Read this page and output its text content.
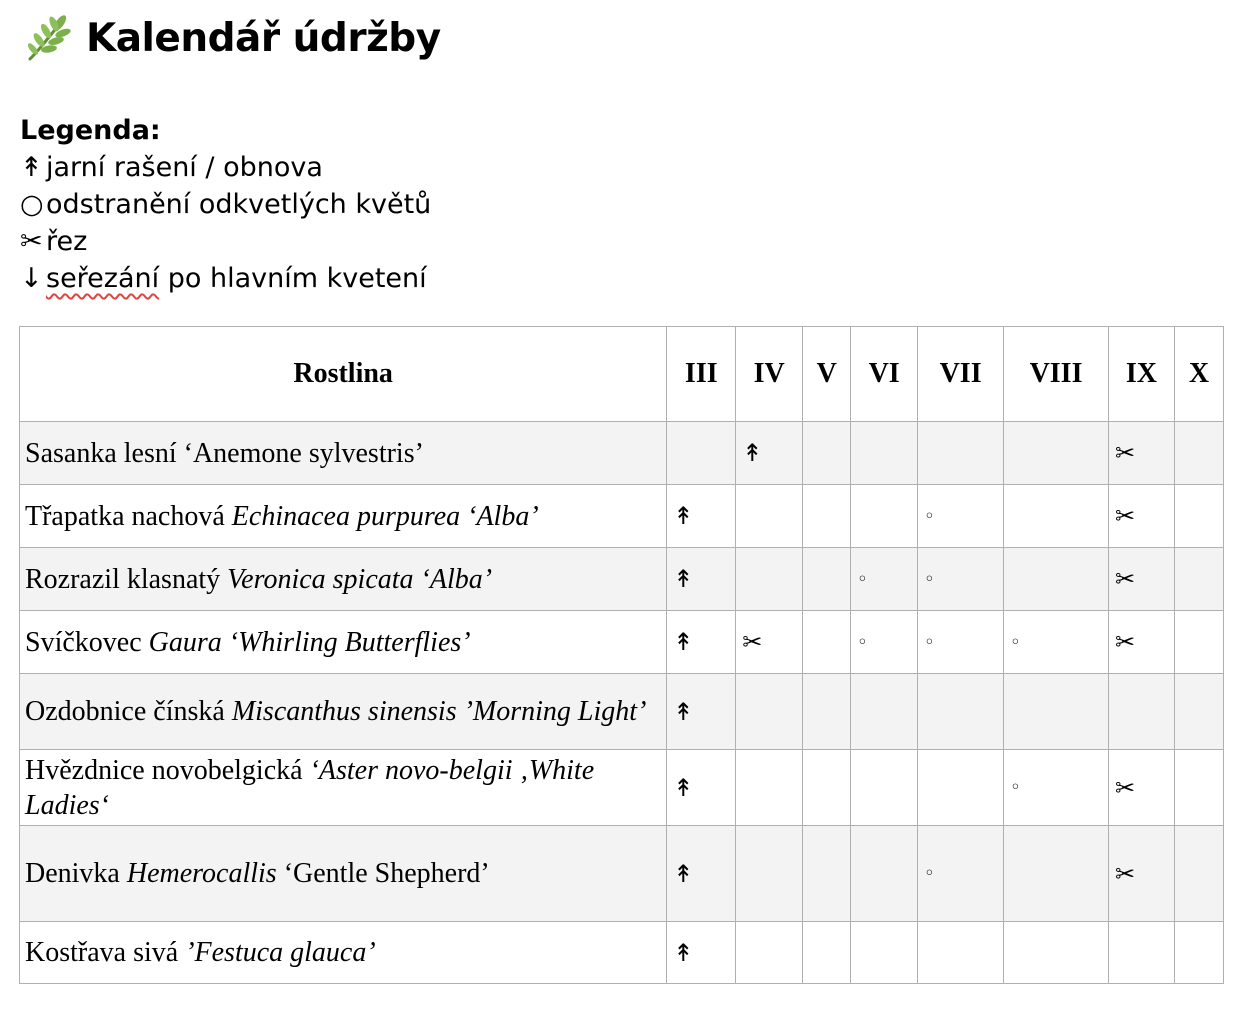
Kalendář údržby
Legenda:
↟ jarní rašení / obnova
○odstranění odkvetlých květů
✂ řez
↓ seřezání po hlavním kvetení
Rostlina	III	IV	V	VI	VII	VIII	IX	X
Sasanka lesní ‘Anemone sylvestris’		↟					✂	
Třapatka nachová Echinacea purpurea ‘Alba’	↟				◦		✂	
Rozrazil klasnatý Veronica spicata ‘Alba’	↟			◦	◦		✂	
Svíčkovec Gaura ‘Whirling Butterflies’	↟	✂		◦	◦	◦	✂	
Ozdobnice čínská Miscanthus sinensis ’Morning Light’	↟							
Hvězdnice novobelgická ‘Aster novo-belgii ‚White Ladies‘	↟					◦	✂	
Denivka Hemerocallis ‘Gentle Shepherd’	↟				◦		✂	
Kostřava sivá ’Festuca glauca’	↟							
